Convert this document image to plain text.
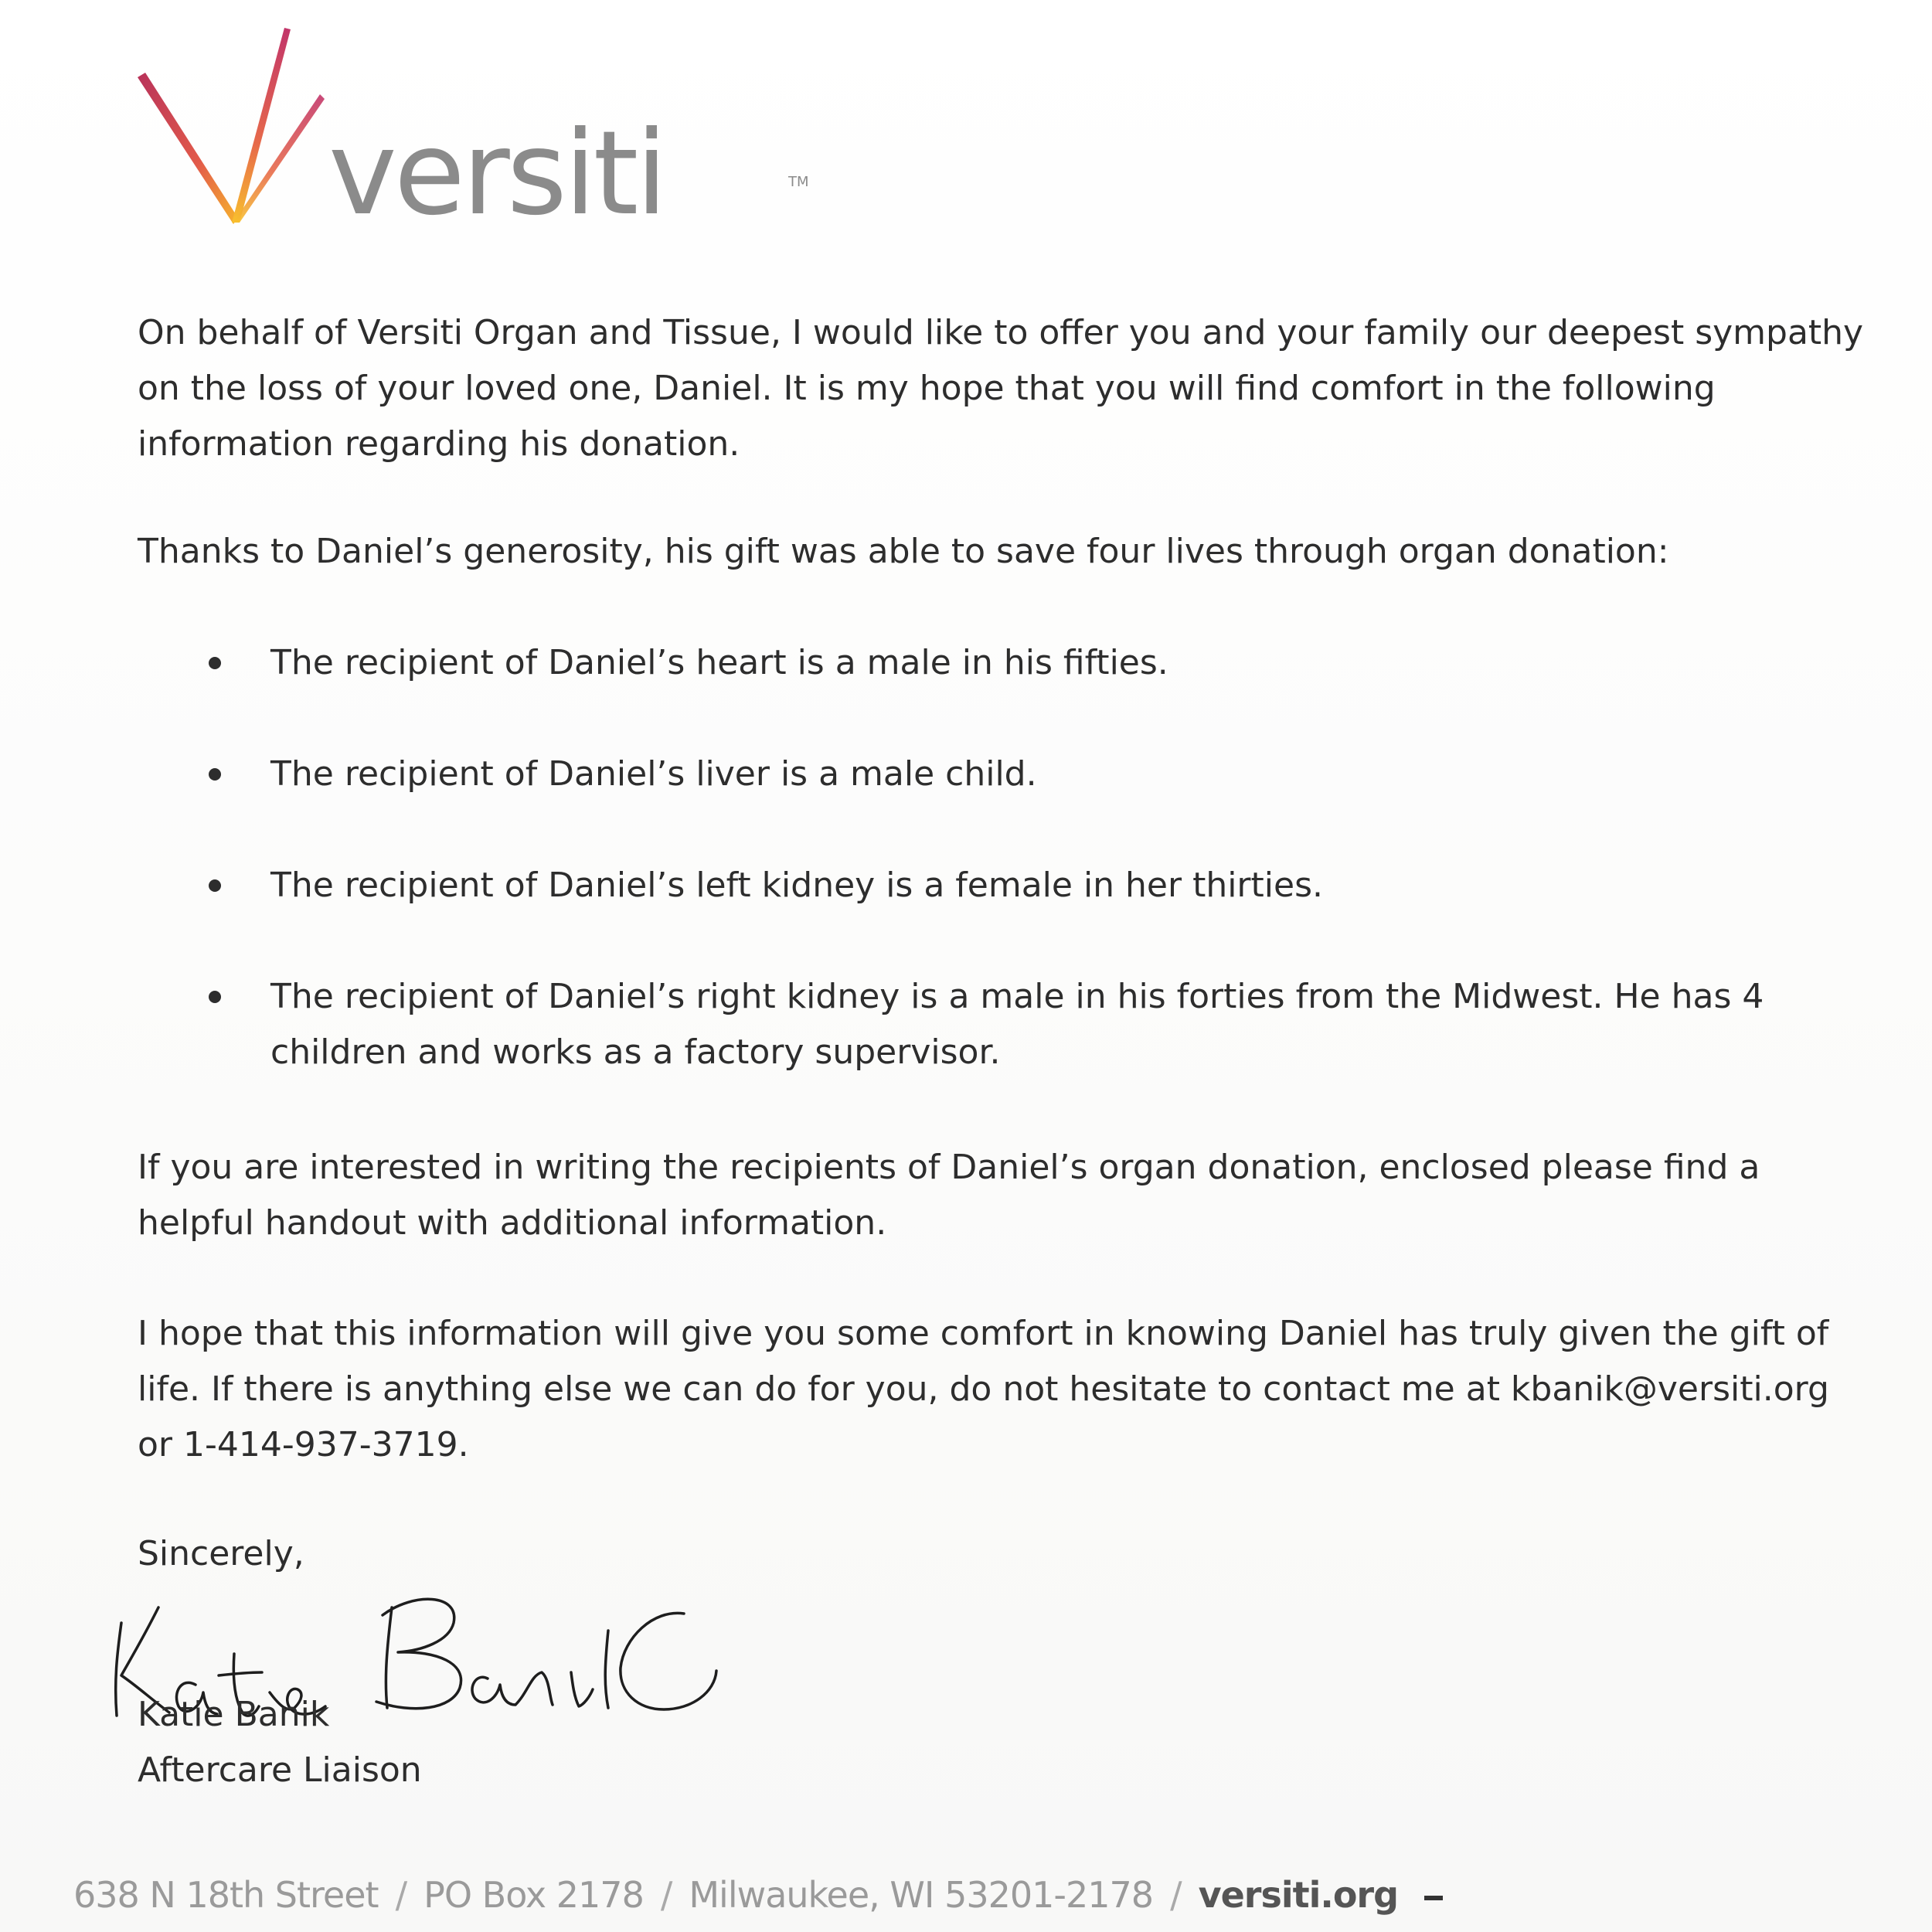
versiti	TM

On behalf of Versiti Organ and Tissue, I would like to offer you and your family our deepest sympathy on the loss of your loved one, Daniel. It is my hope that you will find comfort in the following information regarding his donation.

Thanks to Daniel’s generosity, his gift was able to save four lives through organ donation:

The recipient of Daniel’s heart is a male in his fifties.
The recipient of Daniel’s liver is a male child.
The recipient of Daniel’s left kidney is a female in her thirties.
The recipient of Daniel’s right kidney is a male in his forties from the Midwest. He has 4 children and works as a factory supervisor.

If you are interested in writing the recipients of Daniel’s organ donation, enclosed please find a helpful handout with additional information.

I hope that this information will give you some comfort in knowing Daniel has truly given the gift of life. If there is anything else we can do for you, do not hesitate to contact me at kbanik@versiti.org or 1-414-937-3719.

Sincerely,

Katie Banik

Aftercare Liaison

638 N 18th Street / PO Box 2178 / Milwaukee, WI 53201-2178 / versiti.org
